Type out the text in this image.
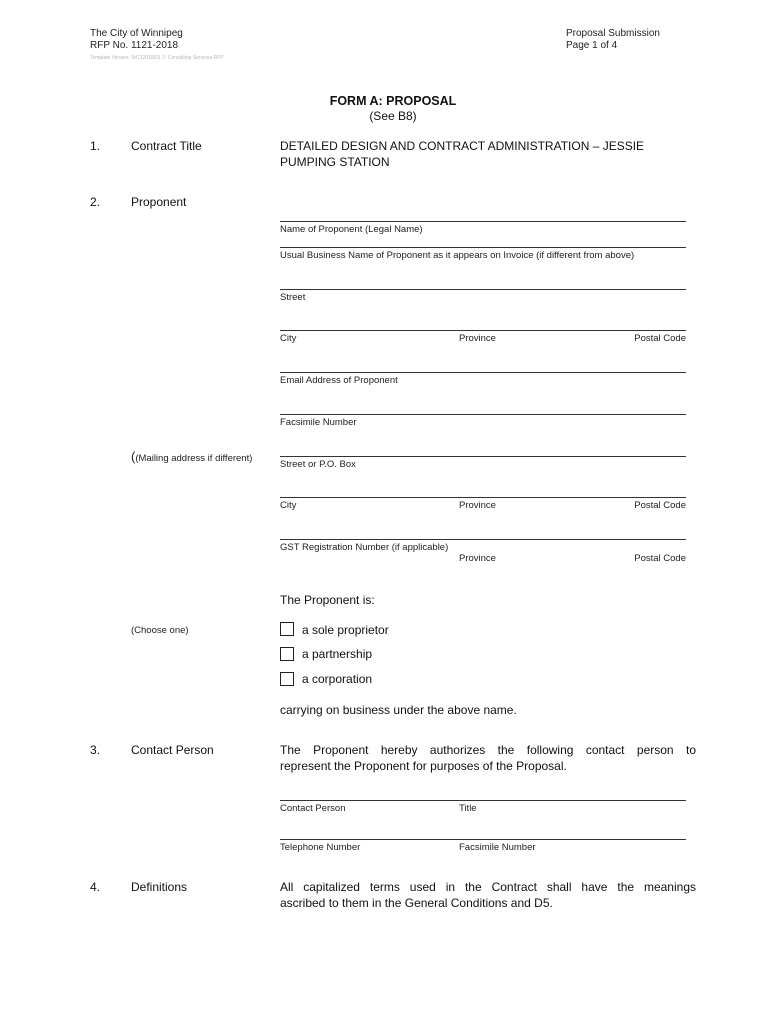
The City of Winnipeg
RFP No. 1121-2018
Template Version: SrC12018/01 2- Consulting Services RFP
Proposal Submission
Page 1 of 4
FORM A: PROPOSAL
(See B8)
1.	Contract Title	DETAILED DESIGN AND CONTRACT ADMINISTRATION – JESSIE
PUMPING STATION
2.	Proponent
Name of Proponent (Legal Name)
Usual Business Name of Proponent as it appears on Invoice (if different from above)
Street
City	Province	Postal Code
Email Address of Proponent
Facsimile Number
((Mailing address if different)
Street or P.O. Box
City	Province	Postal Code
GST Registration Number (if applicable)
Province	Postal Code
The Proponent is:
(Choose one)	a sole proprietor
a partnership
a corporation
carrying on business under the above name.
3.	Contact Person	The Proponent hereby authorizes the following contact person to
represent the Proponent for purposes of the Proposal.
Contact Person	Title
Telephone Number	Facsimile Number
4.	Definitions	All capitalized terms used in the Contract shall have the meanings
ascribed to them in the General Conditions and D5.
